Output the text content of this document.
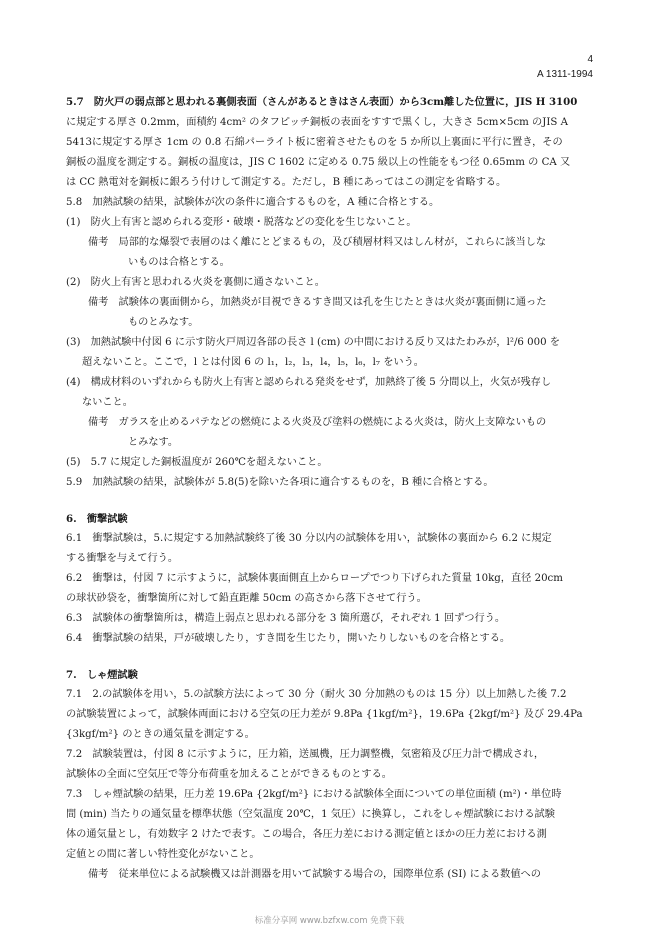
4
A 1311-1994
5.7　防火戸の弱点部と思われる裏側表面（さんがあるときはさん表面）から3cm離した位置に，JIS H 3100
に規定する厚さ 0.2mm，面積約 4cm² のタフピッチ銅板の表面をすすで黒くし，大きさ 5cm×5cm のJIS A
5413に規定する厚さ 1cm の 0.8 石綿パーライト板に密着させたものを 5 か所以上裏面に平行に置き，その
銅板の温度を測定する。銅板の温度は，JIS C 1602 に定める 0.75 級以上の性能をもつ径 0.65mm の CA 又
は CC 熱電対を銅板に銀ろう付けして測定する。ただし，B 種にあってはこの測定を省略する。
5.8　加熱試験の結果，試験体が次の条件に適合するものを，A 種に合格とする。
(1)　防火上有害と認められる変形・破壊・脱落などの変化を生じないこと。
備考　局部的な爆裂で表層のはく離にとどまるもの，及び積層材料又はしん材が，これらに該当しな
いものは合格とする。
(2)　防火上有害と思われる火炎を裏側に通さないこと。
備考　試験体の裏面側から，加熱炎が目視できるすき間又は孔を生じたときは火炎が裏面側に通った
ものとみなす。
(3)　加熱試験中付図 6 に示す防火戸周辺各部の長さ l (cm) の中間における反り又はたわみが，l²/6 000 を
超えないこと。ここで，l とは付図 6 の l₁，l₂，l₃，l₄，l₅，l₆，l₇ をいう。
(4)　構成材料のいずれからも防火上有害と認められる発炎をせず，加熱終了後 5 分間以上，火気が残存し
ないこと。
備考　ガラスを止めるパテなどの燃焼による火炎及び塗料の燃焼による火炎は，防火上支障ないもの
とみなす。
(5)　5.7 に規定した銅板温度が 260℃を超えないこと。
5.9　加熱試験の結果，試験体が 5.8(5)を除いた各項に適合するものを，B 種に合格とする。
6.　衝撃試験
6.1　衝撃試験は，5.に規定する加熱試験終了後 30 分以内の試験体を用い，試験体の裏面から 6.2 に規定
する衝撃を与えて行う。
6.2　衝撃は，付図 7 に示すように，試験体裏面側直上からロープでつり下げられた質量 10kg，直径 20cm
の球状砂袋を，衝撃箇所に対して鉛直距離 50cm の高さから落下させて行う。
6.3　試験体の衝撃箇所は，構造上弱点と思われる部分を 3 箇所選び，それぞれ 1 回ずつ行う。
6.4　衝撃試験の結果，戸が破壊したり，すき間を生じたり，開いたりしないものを合格とする。
7.　しゃ煙試験
7.1　2.の試験体を用い，5.の試験方法によって 30 分（耐火 30 分加熱のものは 15 分）以上加熱した後 7.2
の試験装置によって，試験体両面における空気の圧力差が 9.8Pa {1kgf/m²}，19.6Pa {2kgf/m²} 及び 29.4Pa
{3kgf/m²} のときの通気量を測定する。
7.2　試験装置は，付図 8 に示すように，圧力箱，送風機，圧力調整機，気密箱及び圧力計で構成され，
試験体の全面に空気圧で等分布荷重を加えることができるものとする。
7.3　しゃ煙試験の結果，圧力差 19.6Pa {2kgf/m²} における試験体全面についての単位面積 (m²)・単位時
間 (min) 当たりの通気量を標準状態（空気温度 20℃，1 気圧）に換算し，これをしゃ煙試験における試験
体の通気量とし，有効数字 2 けたで表す。この場合，各圧力差における測定値とほかの圧力差における測
定値との間に著しい特性変化がないこと。
備考　従来単位による試験機又は計測器を用いて試験する場合の，国際単位系 (SI) による数値への
标准分享网 www.bzfxw.com 免费下载
